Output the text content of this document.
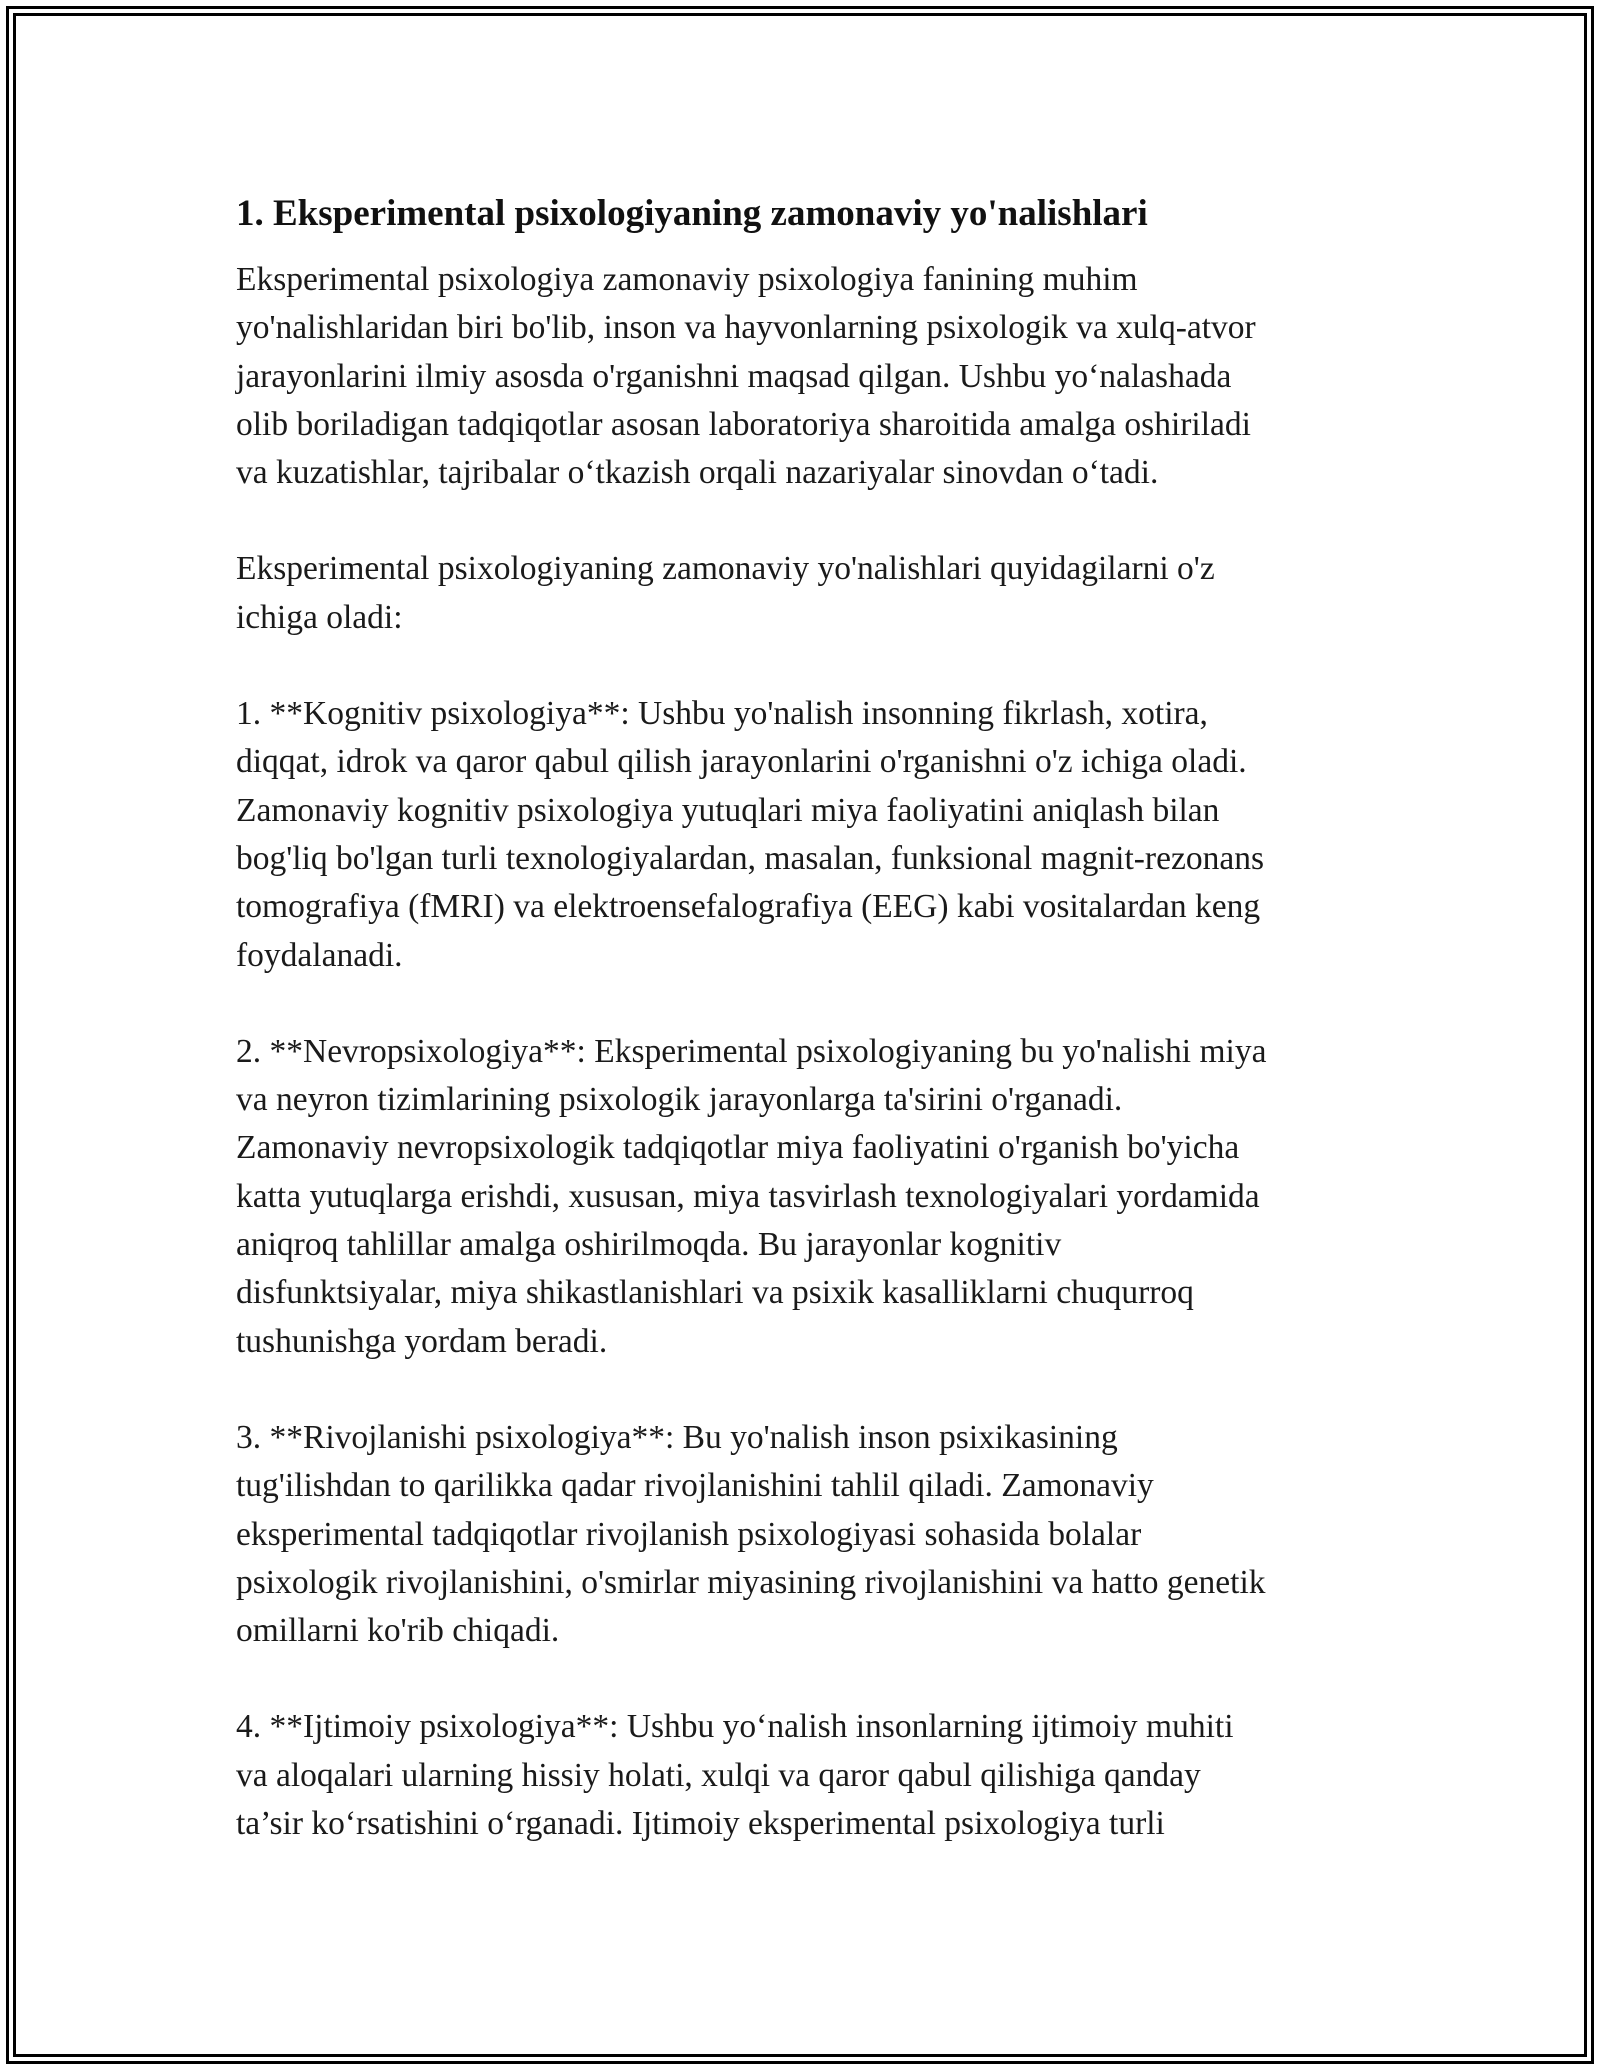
1. Eksperimental psixologiyaning zamonaviy yo'nalishlari

Eksperimental psixologiya zamonaviy psixologiya fanining muhim
yo'nalishlaridan biri bo'lib, inson va hayvonlarning psixologik va xulq-atvor
jarayonlarini ilmiy asosda o'rganishni maqsad qilgan. Ushbu yo‘nalashada
olib boriladigan tadqiqotlar asosan laboratoriya sharoitida amalga oshiriladi
va kuzatishlar, tajribalar o‘tkazish orqali nazariyalar sinovdan o‘tadi.

Eksperimental psixologiyaning zamonaviy yo'nalishlari quyidagilarni o'z
ichiga oladi:

1. **Kognitiv psixologiya**: Ushbu yo'nalish insonning fikrlash, xotira,
diqqat, idrok va qaror qabul qilish jarayonlarini o'rganishni o'z ichiga oladi.
Zamonaviy kognitiv psixologiya yutuqlari miya faoliyatini aniqlash bilan
bog'liq bo'lgan turli texnologiyalardan, masalan, funksional magnit-rezonans
tomografiya (fMRI) va elektroensefalografiya (EEG) kabi vositalardan keng
foydalanadi.

2. **Nevropsixologiya**: Eksperimental psixologiyaning bu yo'nalishi miya
va neyron tizimlarining psixologik jarayonlarga ta'sirini o'rganadi.
Zamonaviy nevropsixologik tadqiqotlar miya faoliyatini o'rganish bo'yicha
katta yutuqlarga erishdi, xususan, miya tasvirlash texnologiyalari yordamida
aniqroq tahlillar amalga oshirilmoqda. Bu jarayonlar kognitiv
disfunktsiyalar, miya shikastlanishlari va psixik kasalliklarni chuqurroq
tushunishga yordam beradi.

3. **Rivojlanishi psixologiya**: Bu yo'nalish inson psixikasining
tug'ilishdan to qarilikka qadar rivojlanishini tahlil qiladi. Zamonaviy
eksperimental tadqiqotlar rivojlanish psixologiyasi sohasida bolalar
psixologik rivojlanishini, o'smirlar miyasining rivojlanishini va hatto genetik
omillarni ko'rib chiqadi.

4. **Ijtimoiy psixologiya**: Ushbu yo‘nalish insonlarning ijtimoiy muhiti
va aloqalari ularning hissiy holati, xulqi va qaror qabul qilishiga qanday
ta’sir ko‘rsatishini o‘rganadi. Ijtimoiy eksperimental psixologiya turli
